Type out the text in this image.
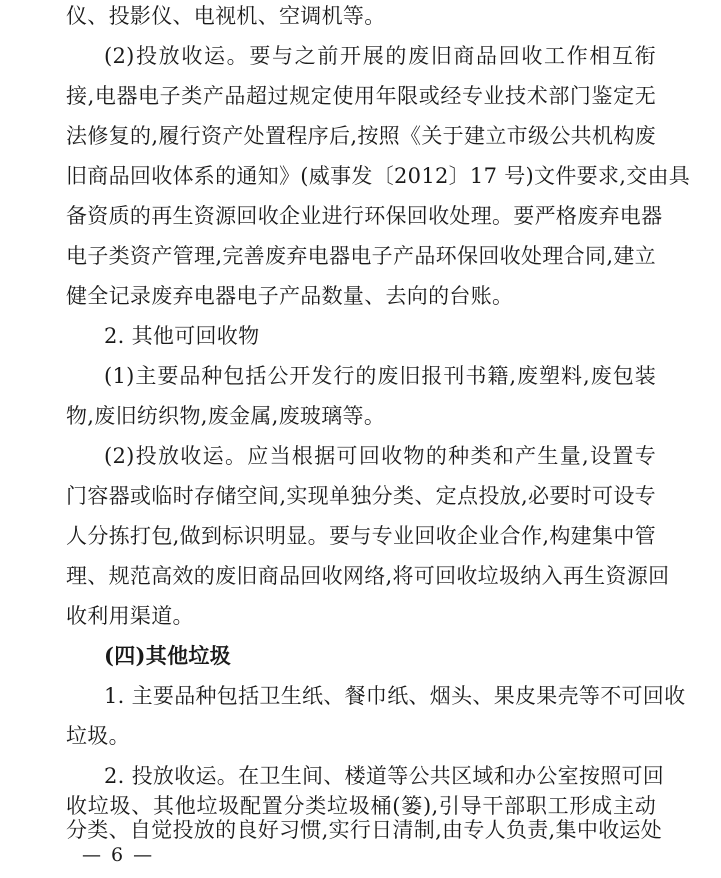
仪、投影仪、电视机、空调机等。
(2)投放收运。要与之前开展的废旧商品回收工作相互衔
接,电器电子类产品超过规定使用年限或经专业技术部门鉴定无
法修复的,履行资产处置程序后,按照《关于建立市级公共机构废
旧商品回收体系的通知》(威事发〔2012〕17 号)文件要求,交由具
备资质的再生资源回收企业进行环保回收处理。要严格废弃电器
电子类资产管理,完善废弃电器电子产品环保回收处理合同,建立
健全记录废弃电器电子产品数量、去向的台账。
2. 其他可回收物
(1)主要品种包括公开发行的废旧报刊书籍,废塑料,废包装
物,废旧纺织物,废金属,废玻璃等。
(2)投放收运。应当根据可回收物的种类和产生量,设置专
门容器或临时存储空间,实现单独分类、定点投放,必要时可设专
人分拣打包,做到标识明显。要与专业回收企业合作,构建集中管
理、规范高效的废旧商品回收网络,将可回收垃圾纳入再生资源回
收利用渠道。
(四)其他垃圾
1. 主要品种包括卫生纸、餐巾纸、烟头、果皮果壳等不可回收
垃圾。
2. 投放收运。在卫生间、楼道等公共区域和办公室按照可回
收垃圾、其他垃圾配置分类垃圾桶(篓),引导干部职工形成主动
分类、自觉投放的良好习惯,实行日清制,由专人负责,集中收运处
— 6 —
